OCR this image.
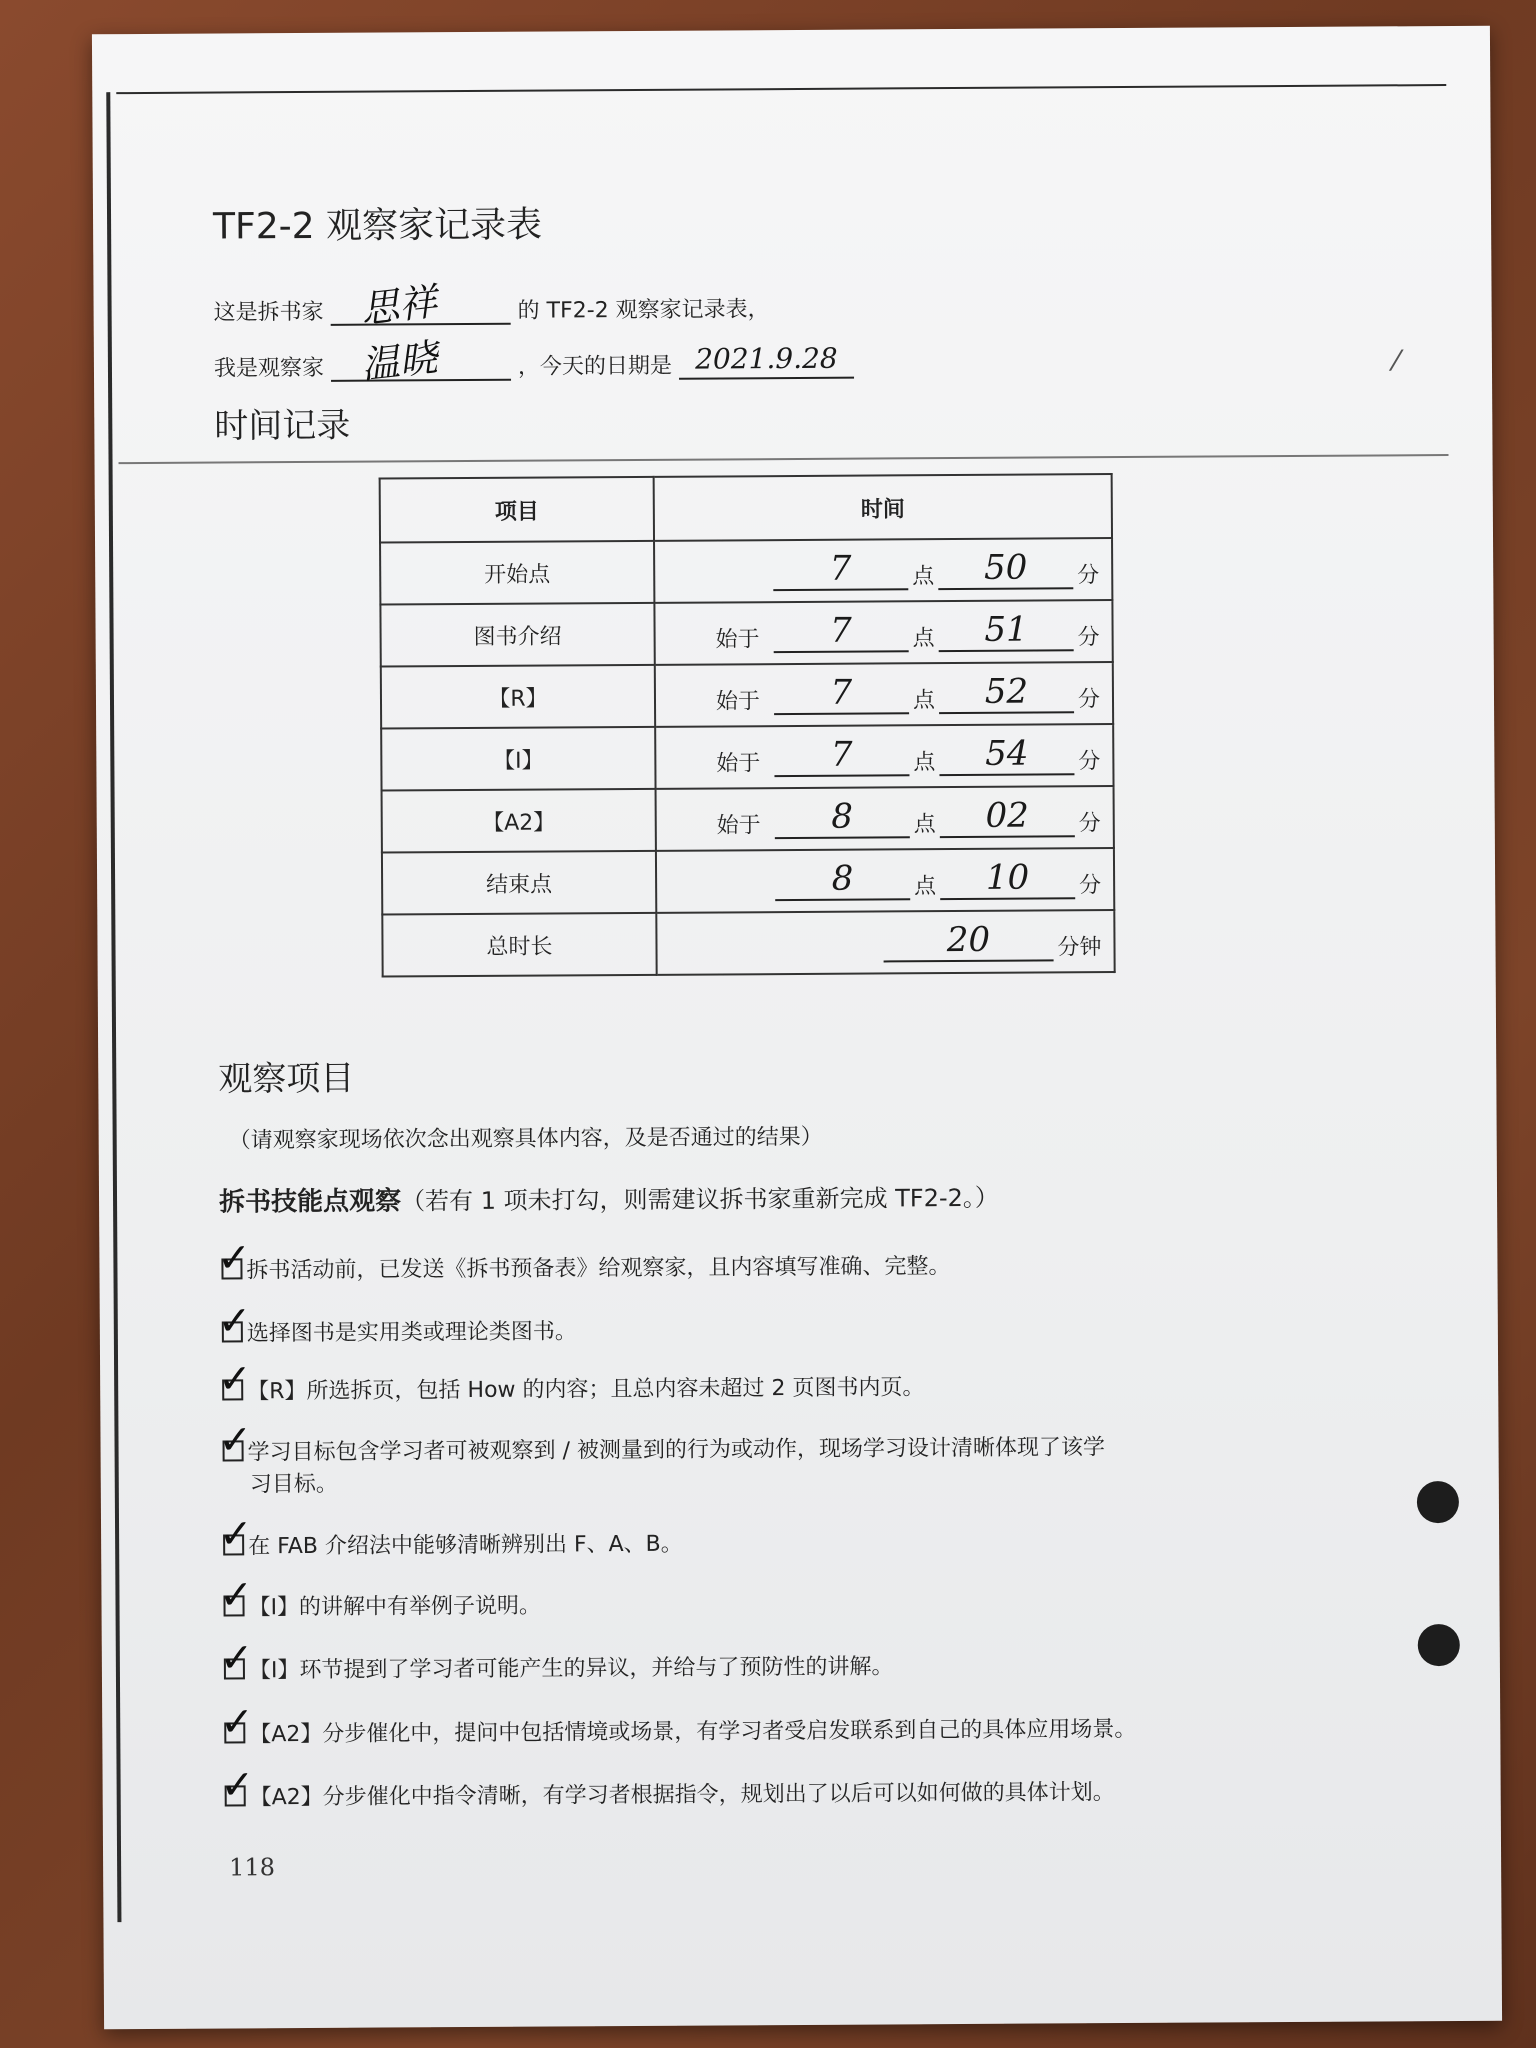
⁄
TF2-2 观察家记录表
这是拆书家 思祥	的 TF2-2 观察家记录表，
我是观察家 温晓	，今天的日期是 2021.9.28
时间记录
项目	时间
开始点	7 点 50 分

图书介绍	始于 7 点 51 分

【R】	始于 7 点 52 分

【I】	始于 7 点 54 分

【A2】	始于 8 点 02 分

结束点	8 点 10 分

总时长	20 分钟
观察项目
（请观察家现场依次念出观察具体内容，及是否通过的结果）
拆书技能点观察（若有 1 项未打勾，则需建议拆书家重新完成 TF2-2。）
✓
拆书活动前，已发送《拆书预备表》给观察家，且内容填写准确、完整。
✓
选择图书是实用类或理论类图书。
✓
【R】所选拆页，包括 How 的内容；且总内容未超过 2 页图书内页。
✓
学习目标包含学习者可被观察到 / 被测量到的行为或动作，现场学习设计清晰体现了该学
习目标。
✓
在 FAB 介绍法中能够清晰辨别出 F、A、B。
✓
【I】的讲解中有举例子说明。
✓
【I】环节提到了学习者可能产生的异议，并给与了预防性的讲解。
✓
【A2】分步催化中，提问中包括情境或场景，有学习者受启发联系到自己的具体应用场景。
✓
【A2】分步催化中指令清晰，有学习者根据指令，规划出了以后可以如何做的具体计划。
118
